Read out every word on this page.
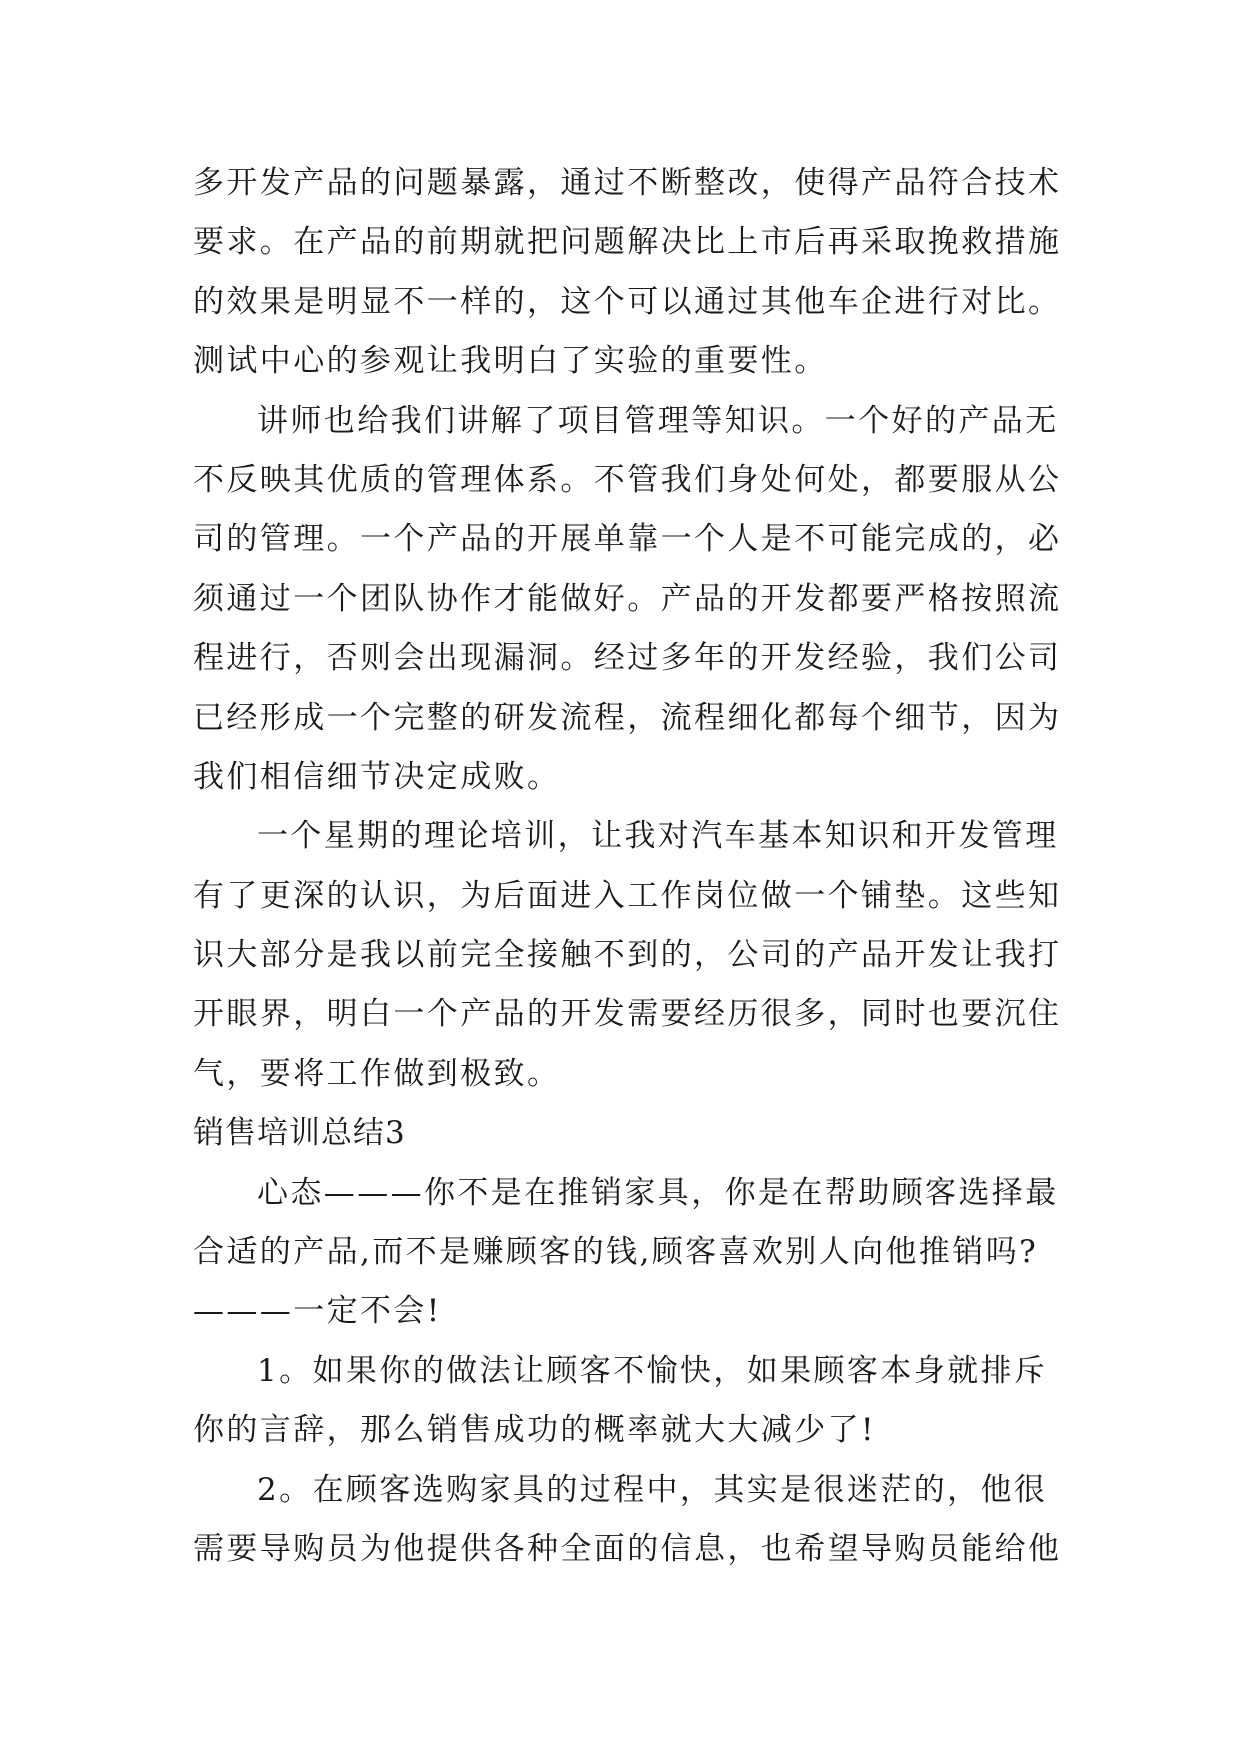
多开发产品的问题暴露，通过不断整改，使得产品符合技术
要求。在产品的前期就把问题解决比上市后再采取挽救措施
的效果是明显不一样的，这个可以通过其他车企进行对比。
测试中心的参观让我明白了实验的重要性。
讲师也给我们讲解了项目管理等知识。一个好的产品无
不反映其优质的管理体系。不管我们身处何处，都要服从公
司的管理。一个产品的开展单靠一个人是不可能完成的，必
须通过一个团队协作才能做好。产品的开发都要严格按照流
程进行，否则会出现漏洞。经过多年的开发经验，我们公司
已经形成一个完整的研发流程，流程细化都每个细节，因为
我们相信细节决定成败。
一个星期的理论培训，让我对汽车基本知识和开发管理
有了更深的认识，为后面进入工作岗位做一个铺垫。这些知
识大部分是我以前完全接触不到的，公司的产品开发让我打
开眼界，明白一个产品的开发需要经历很多，同时也要沉住
气，要将工作做到极致。
销售培训总结3
心态———你不是在推销家具，你是在帮助顾客选择最
合适的产品,而不是赚顾客的钱,顾客喜欢别人向他推销吗?
———一定不会!
1。如果你的做法让顾客不愉快，如果顾客本身就排斥
你的言辞，那么销售成功的概率就大大减少了!
2。在顾客选购家具的过程中，其实是很迷茫的，他很
需要导购员为他提供各种全面的信息，也希望导购员能给他
